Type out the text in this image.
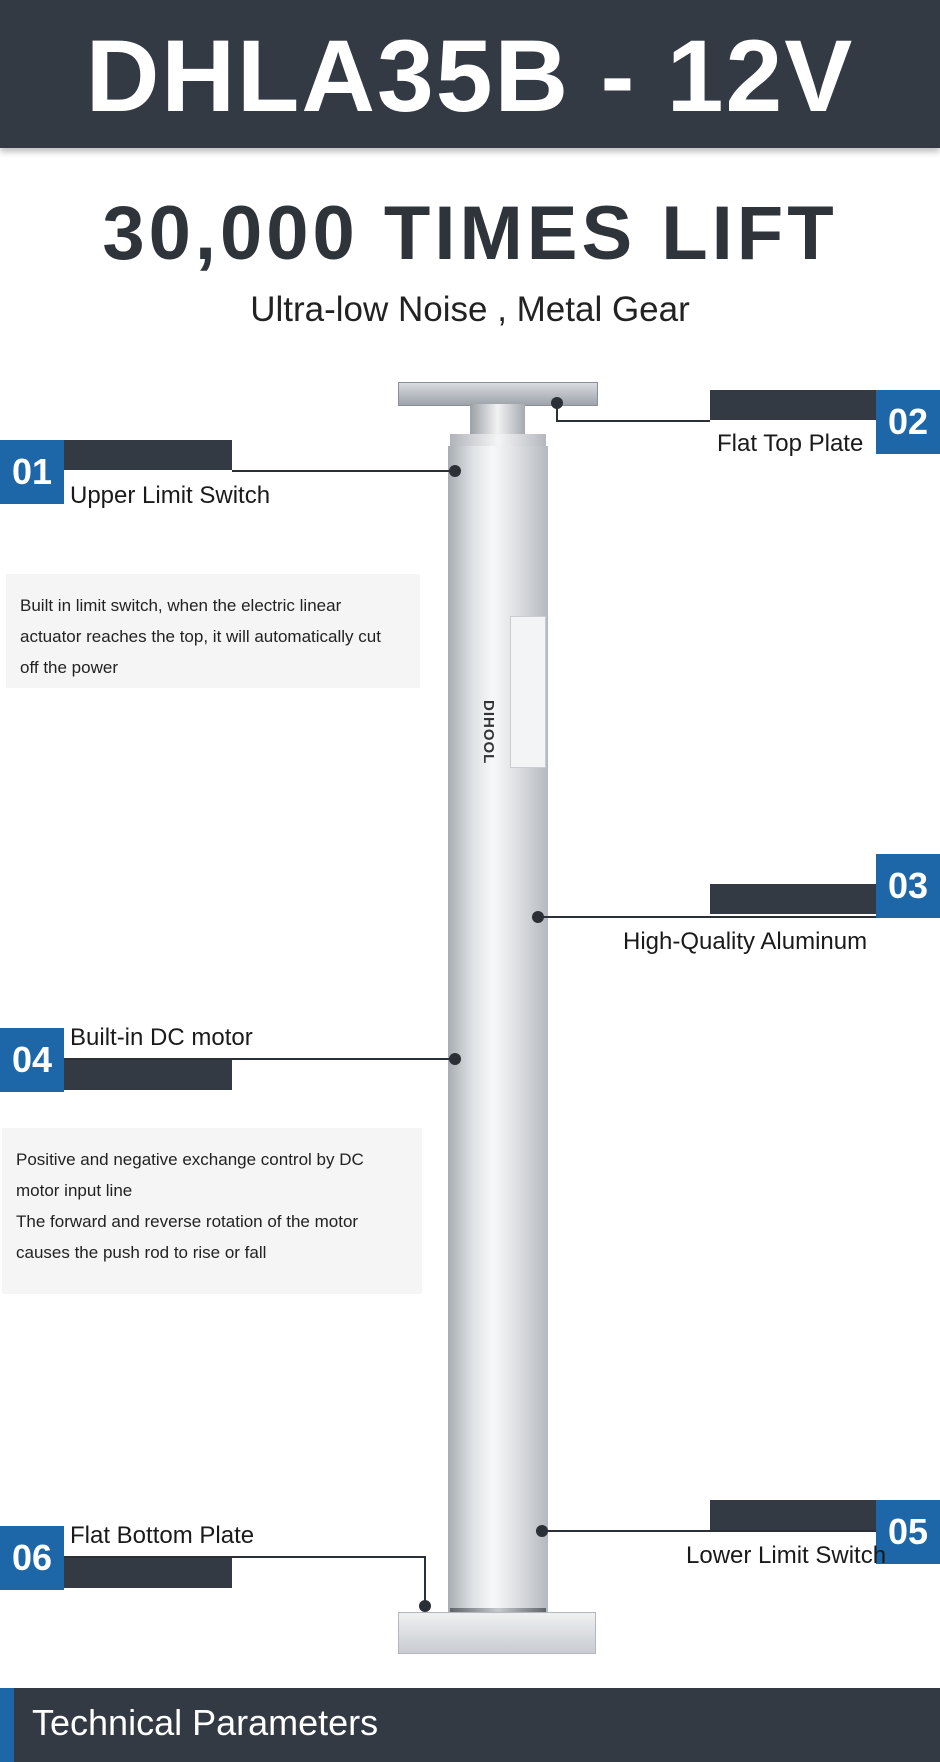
DHLA35B - 12V
30,000 TIMES LIFT
Ultra-low Noise , Metal Gear
DIHOOL
01
Upper Limit Switch
Built in limit switch, when the electric linear
actuator reaches the top, it will automatically cut
off the power
02
Flat Top Plate
03
High-Quality Aluminum
04
Built-in DC motor
Positive and negative exchange control by DC
motor input line
The forward and reverse rotation of the motor
causes the push rod to rise or fall
05
Lower Limit Switch
06
Flat Bottom Plate
Technical Parameters
